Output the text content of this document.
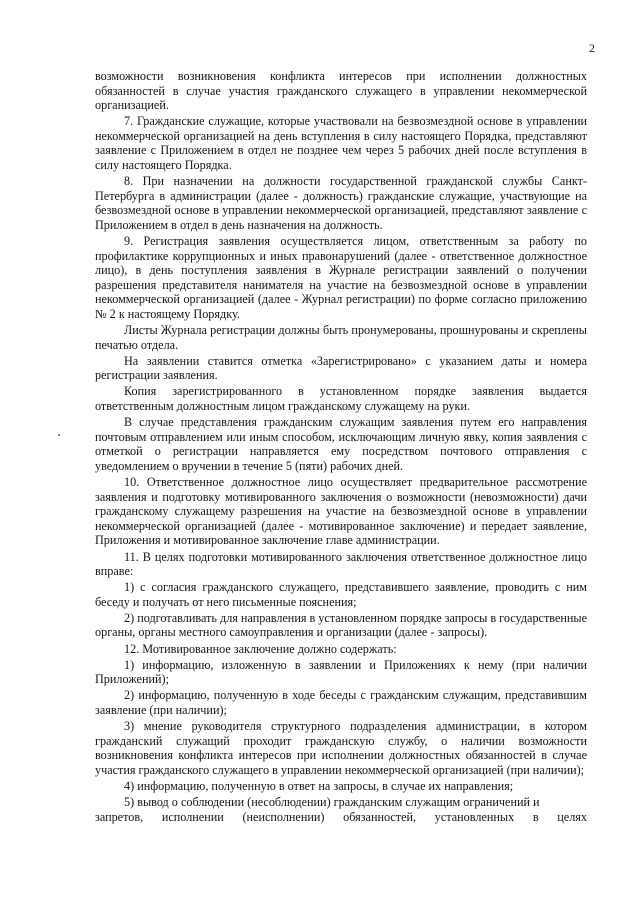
2

возможности возникновения конфликта интересов при исполнении должностных обязанностей в случае участия гражданского служащего в управлении некоммерческой организацией.

7. Гражданские служащие, которые участвовали на безвозмездной основе в управлении некоммерческой организацией на день вступления в силу настоящего Порядка, представляют заявление с Приложением в отдел не позднее чем через 5 рабочих дней после вступления в силу настоящего Порядка.

8. При назначении на должности государственной гражданской службы Санкт-Петербурга в администрации (далее - должность) гражданские служащие, участвующие на безвозмездной основе в управлении некоммерческой организацией, представляют заявление с Приложением в отдел в день назначения на должность.

9. Регистрация заявления осуществляется лицом, ответственным за работу по профилактике коррупционных и иных правонарушений (далее - ответственное должностное лицо), в день поступления заявления в Журнале регистрации заявлений о получении разрешения представителя нанимателя на участие на безвозмездной основе в управлении некоммерческой организацией (далее - Журнал регистрации) по форме согласно приложению № 2 к настоящему Порядку.

Листы Журнала регистрации должны быть пронумерованы, прошнурованы и скреплены печатью отдела.

На заявлении ставится отметка «Зарегистрировано» с указанием даты и номера регистрации заявления.

Копия зарегистрированного в установленном порядке заявления выдается ответственным должностным лицом гражданскому служащему на руки.

В случае представления гражданским служащим заявления путем его направления почтовым отправлением или иным способом, исключающим личную явку, копия заявления с отметкой о регистрации направляется ему посредством почтового отправления с уведомлением о вручении в течение 5 (пяти) рабочих дней.

10. Ответственное должностное лицо осуществляет предварительное рассмотрение заявления и подготовку мотивированного заключения о возможности (невозможности) дачи гражданскому служащему разрешения на участие на безвозмездной основе в управлении некоммерческой организацией (далее - мотивированное заключение) и передает заявление, Приложения и мотивированное заключение главе администрации.

11. В целях подготовки мотивированного заключения ответственное должностное лицо вправе:

1) с согласия гражданского служащего, представившего заявление, проводить с ним беседу и получать от него письменные пояснения;

2) подготавливать для направления в установленном порядке запросы в государственные органы, органы местного самоуправления и организации (далее - запросы).

12. Мотивированное заключение должно содержать:

1) информацию, изложенную в заявлении и Приложениях к нему (при наличии Приложений);

2) информацию, полученную в ходе беседы с гражданским служащим, представившим заявление (при наличии);

3) мнение руководителя структурного подразделения администрации, в котором гражданский служащий проходит гражданскую службу, о наличии возможности возникновения конфликта интересов при исполнении должностных обязанностей в случае участия гражданского служащего в управлении некоммерческой организацией (при наличии);

4) информацию, полученную в ответ на запросы, в случае их направления;

5) вывод о соблюдении (несоблюдении) гражданским служащим ограничений и

запретов, исполнении (неисполнении) обязанностей, установленных в целях
